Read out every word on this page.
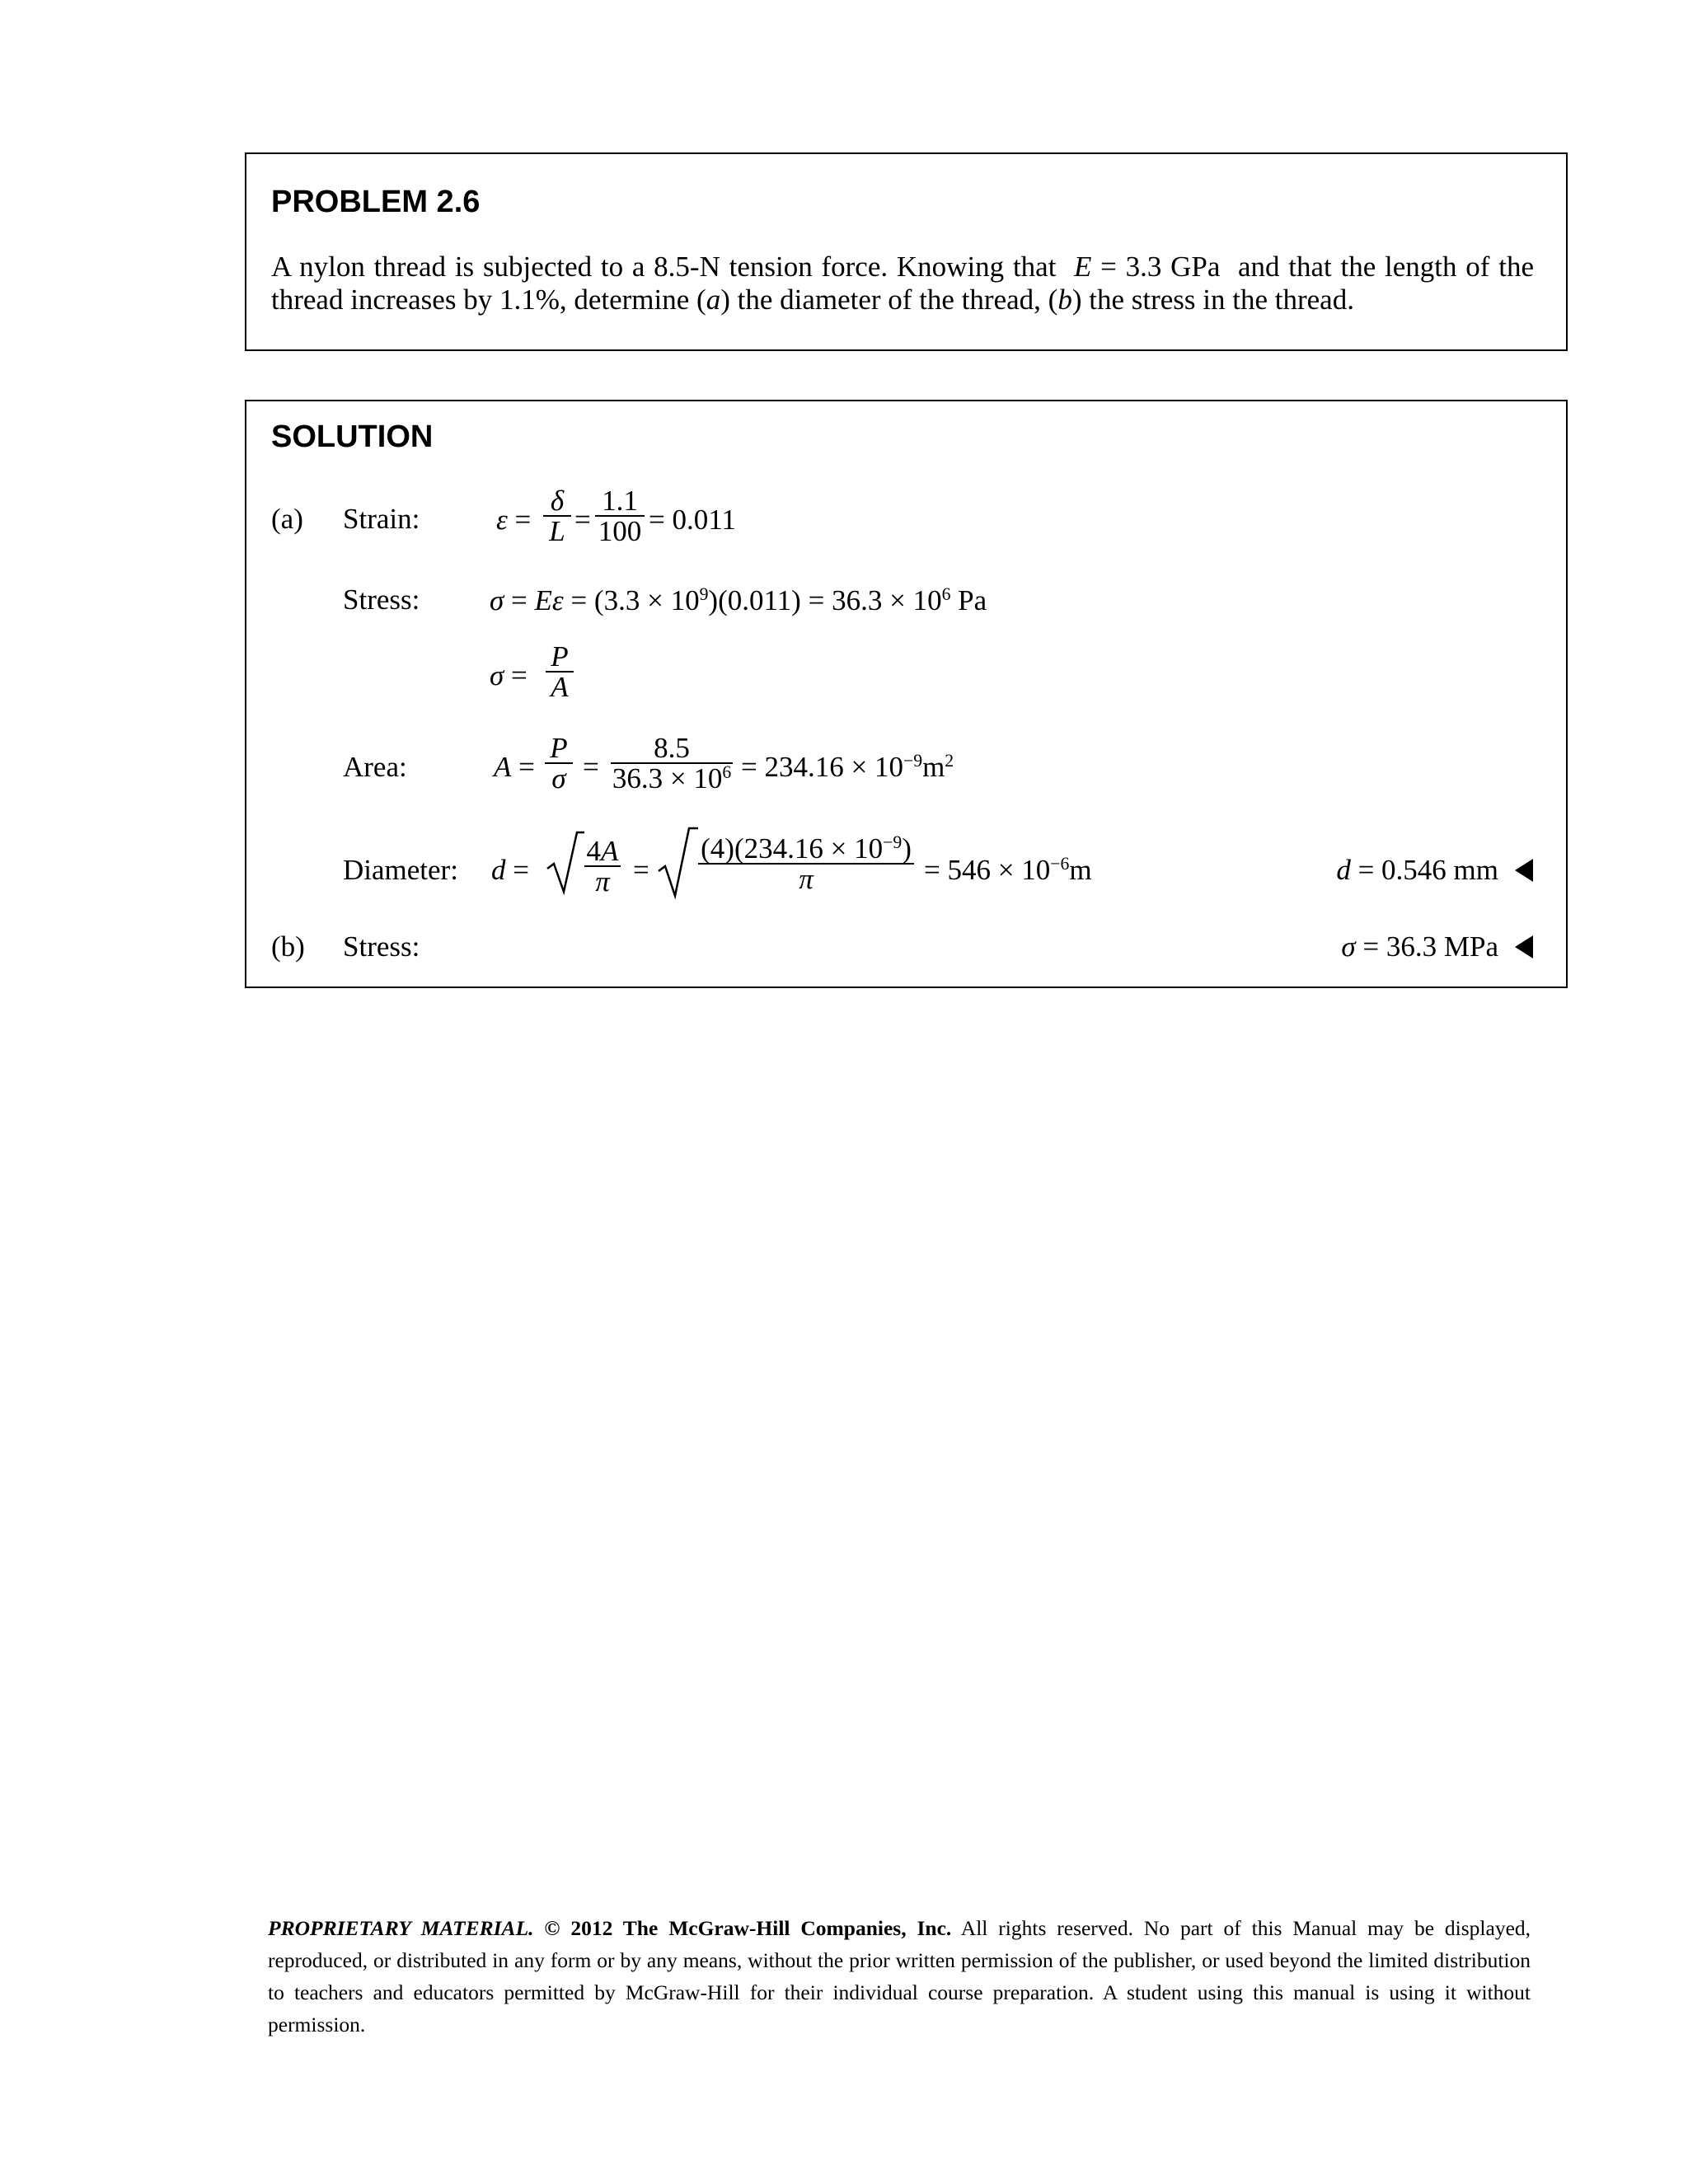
PROBLEM 2.6

A nylon thread is subjected to a 8.5-N tension force. Knowing that  E = 3.3 GPa  and that the length of the thread increases by 1.1%, determine (a) the diameter of the thread, (b) the stress in the thread.

SOLUTION
(a) Strain:	ε =
δ
L =
1.1
100 = 0.011
Stress: $\sigma = E\varepsilon = (3.3 \times 10^9)(0.011) = 36.3 \times 10^6$ Pa
σ =
P
A
Area:	A =
P
σ =
8.5
$36.3 \times 10^6 = 234.16 \times 10^{-9}m^2$
Diameter: d =
4A
π =
$(4)(234.16 \times 10^{-9})$
π	= $546 \times 10^{-6}m$	d = 0.546 mm
(b) Stress:	σ = 36.3 MPa
PROPRIETARY MATERIAL. © 2012 The McGraw-Hill Companies, Inc. All rights reserved. No part of this Manual may be displayed, reproduced, or distributed in any form or by any means, without the prior written permission of the publisher, or used beyond the limited distribution to teachers and educators permitted by McGraw-Hill for their individual course preparation. A student using this manual is using it without permission.
